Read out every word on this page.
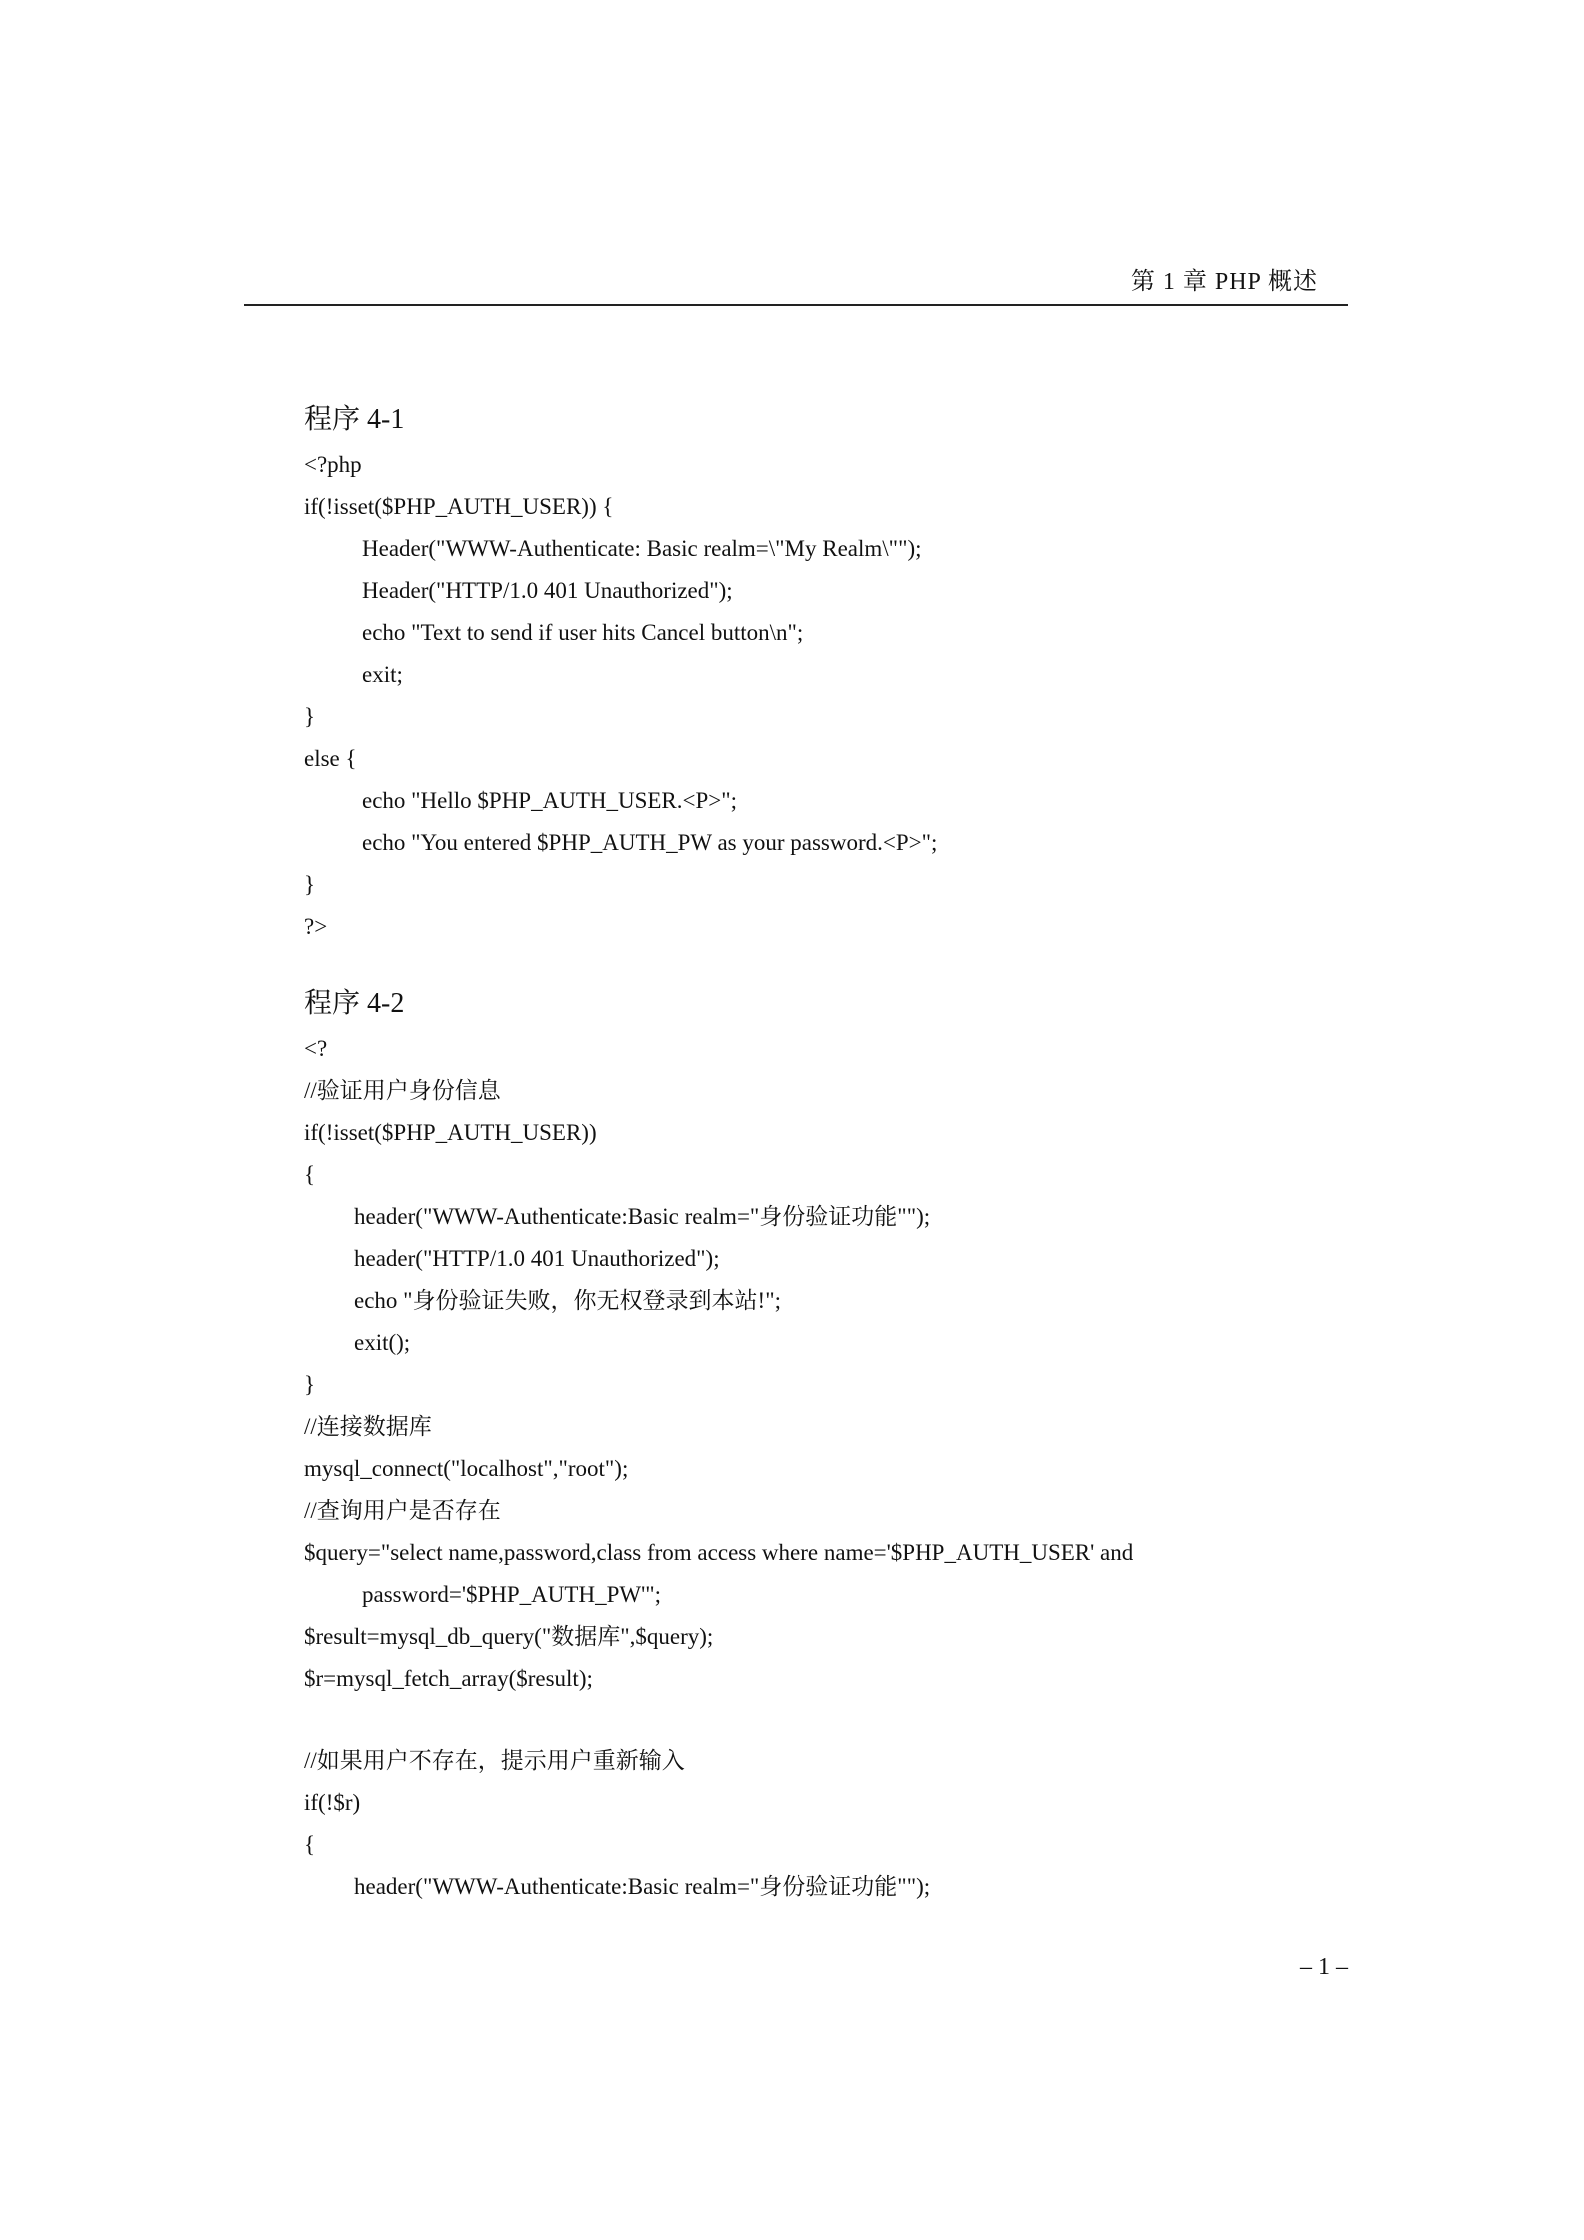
第 1 章 PHP 概述
程序 4-1
<?php
if(!isset($PHP_AUTH_USER)) {
Header("WWW-Authenticate: Basic realm=\"My Realm\"");
Header("HTTP/1.0 401 Unauthorized");
echo "Text to send if user hits Cancel button\n";
exit;
}
else {
echo "Hello $PHP_AUTH_USER.<P>";
echo "You entered $PHP_AUTH_PW as your password.<P>";
}
?>
程序 4-2
<?
//验证用户身份信息
if(!isset($PHP_AUTH_USER))
{
header("WWW-Authenticate:Basic realm="身份验证功能"");
header("HTTP/1.0 401 Unauthorized");
echo "身份验证失败，你无权登录到本站!";
exit();
}
//连接数据库
mysql_connect("localhost","root");
//查询用户是否存在
$query="select name,password,class from access where name='$PHP_AUTH_USER' and
password='$PHP_AUTH_PW'";
$result=mysql_db_query("数据库",$query);
$r=mysql_fetch_array($result);
//如果用户不存在，提示用户重新输入
if(!$r)
{
header("WWW-Authenticate:Basic realm="身份验证功能"");
– 1 –
